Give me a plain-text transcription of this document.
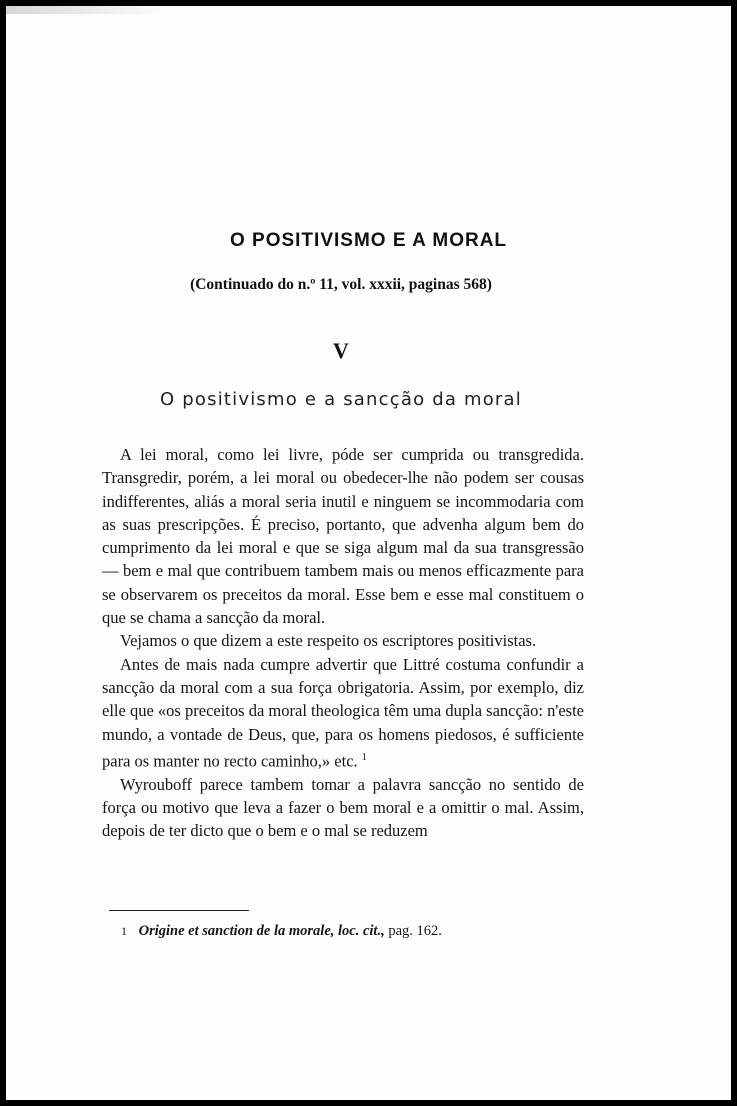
O POSITIVISMO E A MORAL
(Continuado do n.º 11, vol. xxxii, paginas 568)
V
O positivismo e a sancção da moral

A lei moral, como lei livre, póde ser cumprida ou transgredida. Transgredir, porém, a lei moral ou obedecer-lhe não podem ser cousas indifferentes, aliás a moral seria inutil e ninguem se incommodaria com as suas prescripções. É preciso, portanto, que advenha algum bem do cumprimento da lei moral e que se siga algum mal da sua transgressão — bem e mal que contribuem tambem mais ou menos efficazmente para se observarem os preceitos da moral. Esse bem e esse mal constituem o que se chama a sancção da moral.

Vejamos o que dizem a este respeito os escriptores positivistas.

Antes de mais nada cumpre advertir que Littré costuma confundir a sancção da moral com a sua força obrigatoria. Assim, por exemplo, diz elle que «os preceitos da moral theologica têm uma dupla sancção: n'este mundo, a vontade de Deus, que, para os homens piedosos, é sufficiente para os manter no recto caminho,» etc. $^1$

Wyrouboff parece tambem tomar a palavra sancção no sentido de força ou motivo que leva a fazer o bem moral e a omittir o mal. Assim, depois de ter dicto que o bem e o mal se reduzem

1 Origine et sanction de la morale, loc. cit., pag. 162.
